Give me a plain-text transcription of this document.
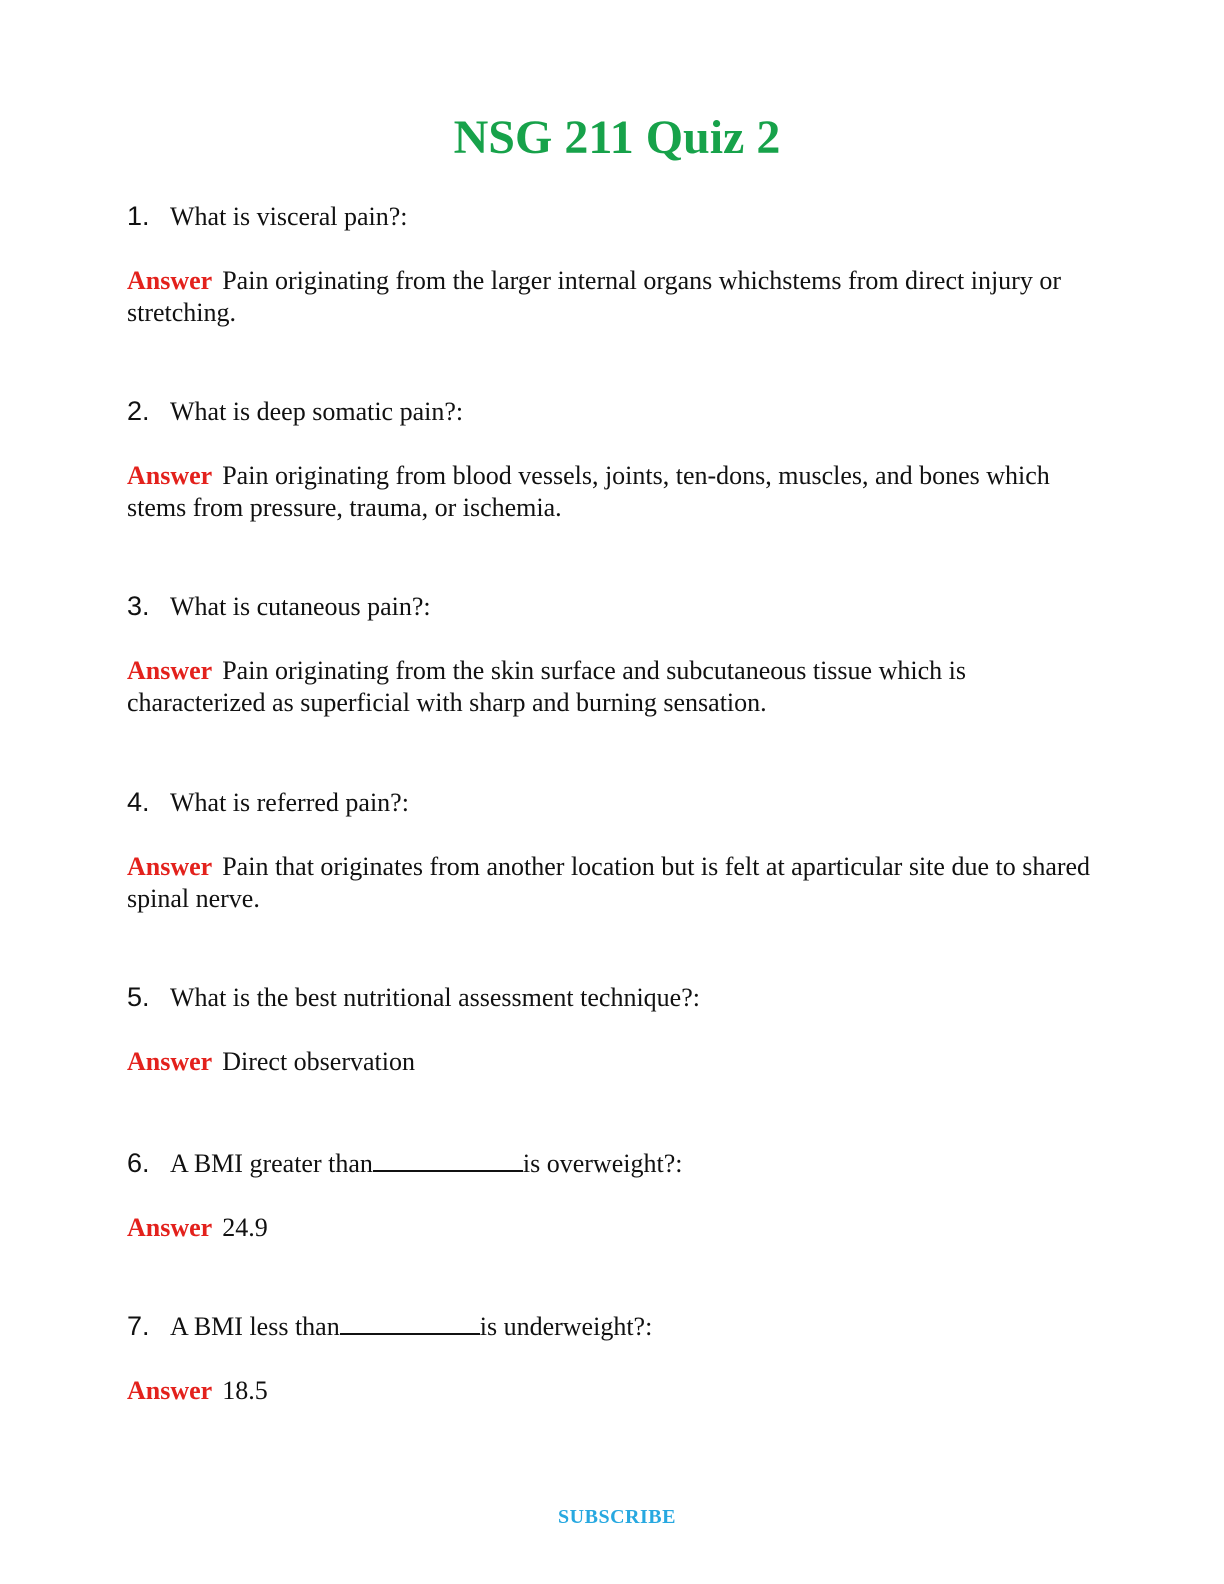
NSG 211 Quiz 2
1. What is visceral pain?:
Answer Pain originating from the larger internal organs whichstems from direct injury or stretching.
2. What is deep somatic pain?:
Answer Pain originating from blood vessels, joints, ten-dons, muscles, and bones which stems from pressure, trauma, or ischemia.
3. What is cutaneous pain?:
Answer Pain originating from the skin surface and subcutaneous tissue which is characterized as superficial with sharp and burning sensation.
4. What is referred pain?:
Answer Pain that originates from another location but is felt at aparticular site due to shared spinal nerve.
5. What is the best nutritional assessment technique?:
Answer Direct observation
6. A BMI greater than	is overweight?:
Answer 24.9
7. A BMI less than	is underweight?:
Answer 18.5
SUBSCRIBE
